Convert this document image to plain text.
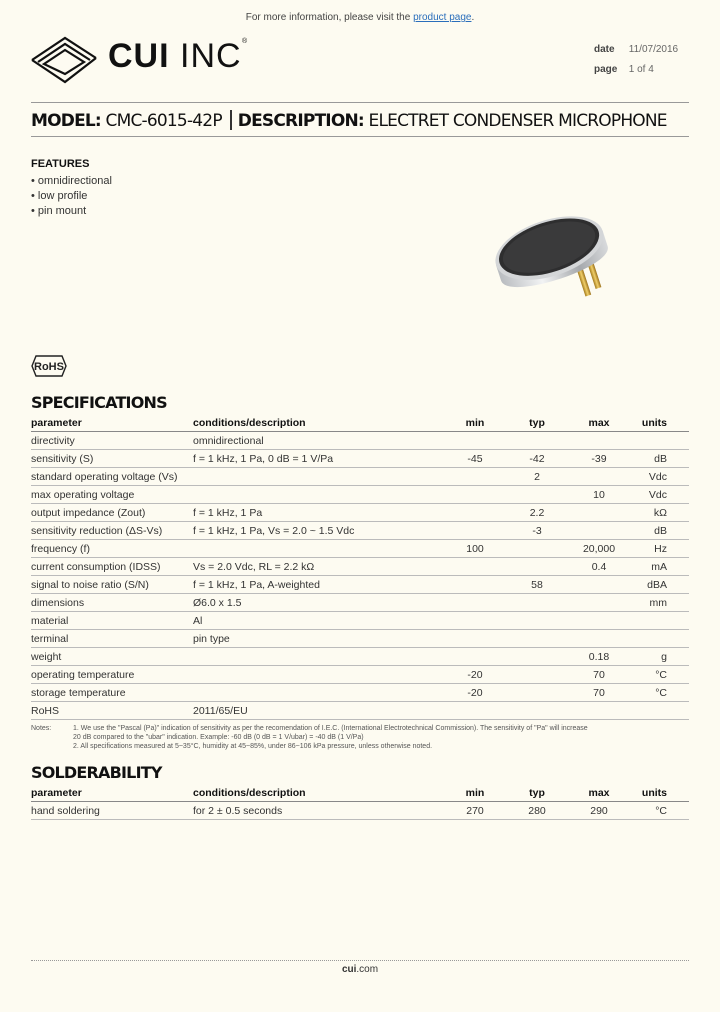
For more information, please visit the product page.
CUI INC ®
date 11/07/2016
page 1 of 4
MODEL: CMC-6015-42P DESCRIPTION: ELECTRET CONDENSER MICROPHONE
FEATURES
• omnidirectional
• low profile
• pin mount
RoHS
SPECIFICATIONS
parameter	conditions/description	min	typ	max	units
directivity	omnidirectional				
sensitivity (S)	f = 1 kHz, 1 Pa, 0 dB = 1 V/Pa	-45	-42	-39	dB
standard operating voltage (Vs)			2		Vdc
max operating voltage				10	Vdc
output impedance (Zout)	f = 1 kHz, 1 Pa		2.2		kΩ
sensitivity reduction (ΔS-Vs)	f = 1 kHz, 1 Pa, Vs = 2.0 ~ 1.5 Vdc		-3		dB
frequency (f)		100		20,000	Hz
current consumption (IDSS)	Vs = 2.0 Vdc, RL = 2.2 kΩ			0.4	mA
signal to noise ratio (S/N)	f = 1 kHz, 1 Pa, A-weighted		58		dBA
dimensions	Ø6.0 x 1.5				mm
material	Al				
terminal	pin type				
weight				0.18	g
operating temperature		-20		70	°C
storage temperature		-20		70	°C
RoHS	2011/65/EU				
Notes:	1. We use the "Pascal (Pa)" indication of sensitivity as per the recomendation of I.E.C. (International Electrotechnical Commission). The sensitivity of "Pa" will increase
20 dB compared to the "ubar" indication. Example: -60 dB (0 dB = 1 V/ubar) = -40 dB (1 V/Pa)
2. All specifications measured at 5~35°C, humidity at 45~85%, under 86~106 kPa pressure, unless otherwise noted.
SOLDERABILITY
parameter	conditions/description	min	typ	max	units
hand soldering	for 2 ± 0.5 seconds	270	280	290	°C
cui.com
